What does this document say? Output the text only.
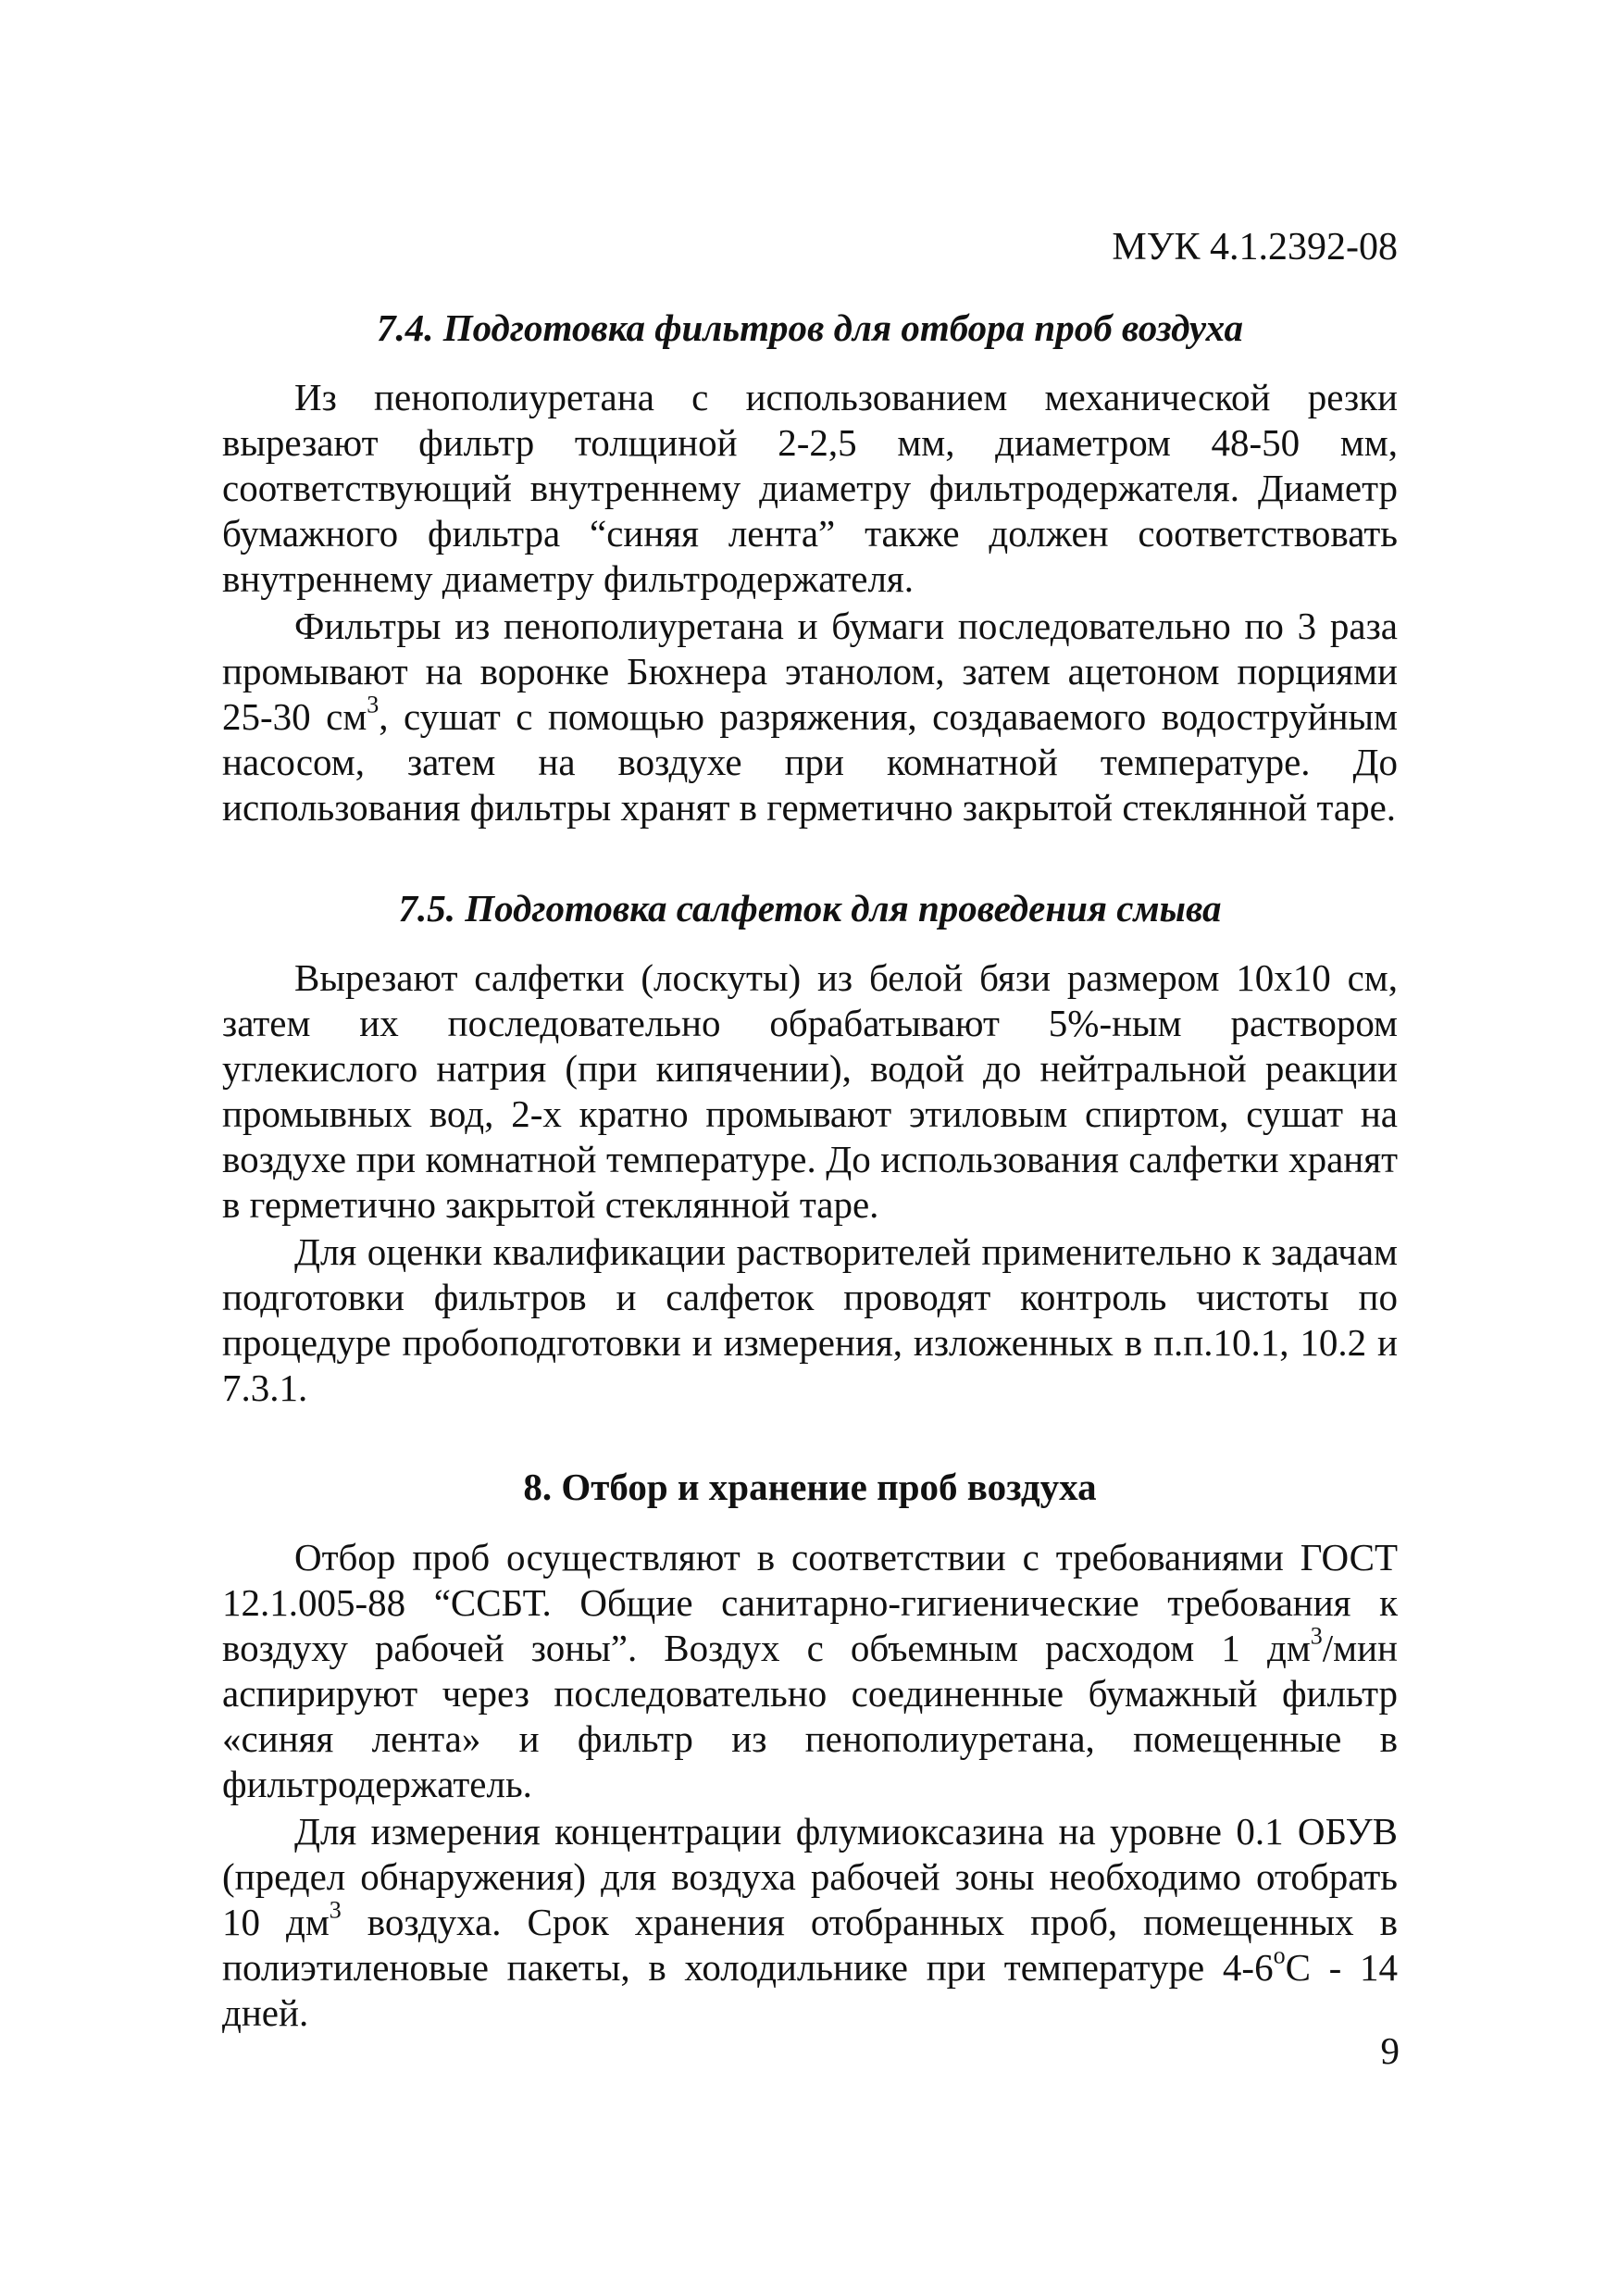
МУК 4.1.2392-08
7.4. Подготовка фильтров для отбора проб воздуха

Из пенополиуретана с использованием механической резки вырезают фильтр толщиной 2-2,5 мм, диаметром 48-50 мм, соответствующий внутреннему диаметру фильтродержателя. Диаметр бумажного фильтра “синяя лента” также должен соответствовать внутреннему диаметру фильтродержателя.

Фильтры из пенополиуретана и бумаги последовательно по 3 раза промывают на воронке Бюхнера этанолом, затем ацетоном порциями 25-30 $см^3$, сушат с помощью разряжения, создаваемого водоструйным насосом, затем на воздухе при комнатной температуре. До использования фильтры хранят в герметично закрытой стеклянной таре.

7.5. Подготовка салфеток для проведения смыва

Вырезают салфетки (лоскуты) из белой бязи размером 10x10 см, затем их последовательно обрабатывают 5%-ным раствором углекислого натрия (при кипячении), водой до нейтральной реакции промывных вод, 2-х кратно промывают этиловым спиртом, сушат на воздухе при комнатной температуре. До использования салфетки хранят в герметично закрытой стеклянной таре.

Для оценки квалификации растворителей применительно к задачам подготовки фильтров и салфеток проводят контроль чистоты по процедуре пробоподготовки и измерения, изложенных в п.п.10.1, 10.2 и 7.3.1.

8. Отбор и хранение проб воздуха

Отбор проб осуществляют в соответствии с требованиями ГОСТ 12.1.005-88 “ССБТ. Общие санитарно-гигиенические требования к воздуху рабочей зоны”. Воздух с объемным расходом 1 $дм^3$/мин аспирируют через последовательно соединенные бумажный фильтр «синяя лента» и фильтр из пенополиуретана, помещенные в фильтродержатель.

Для измерения концентрации флумиоксазина на уровне 0.1 ОБУВ (предел обнаружения) для воздуха рабочей зоны необходимо отобрать 10 $дм^3$ воздуха. Срок хранения отобранных проб, помещенных в полиэтиленовые пакеты, в холодильнике при температуре $4-6^оС - 14$ дней.

9
